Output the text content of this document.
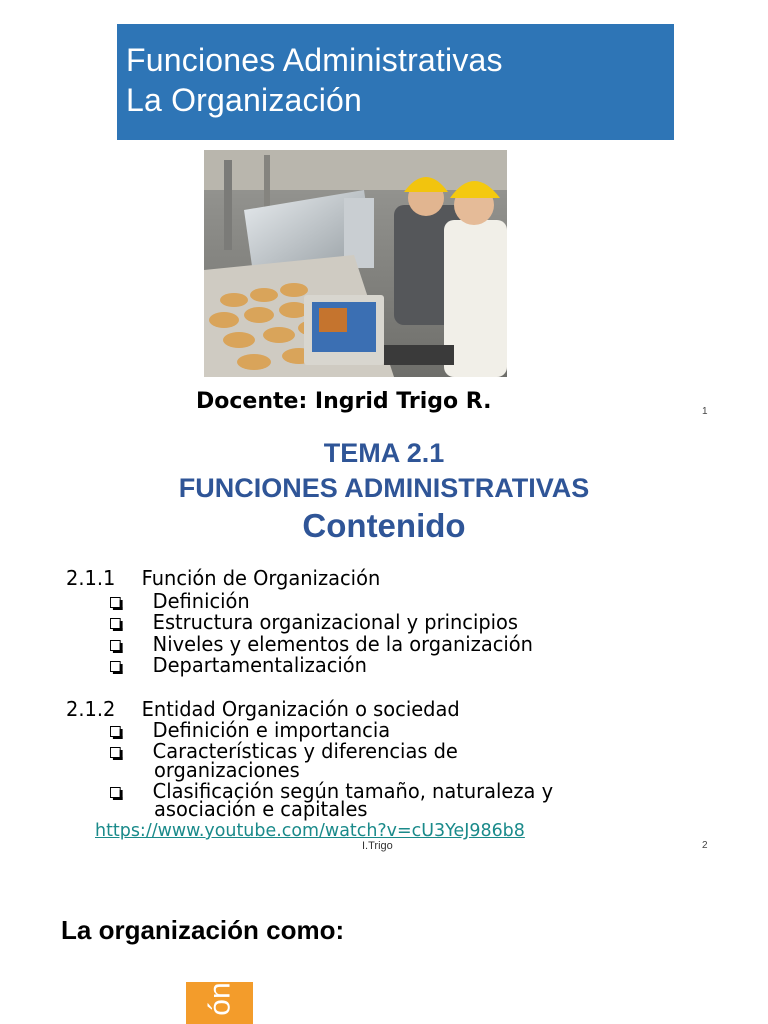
Funciones Administrativas
La Organización
Docente: Ingrid Trigo R.	1
TEMA 2.1
FUNCIONES ADMINISTRATIVAS
Contenido
2.1.1 Función de Organización
Definición
Estructura organizacional y principios
Niveles y elementos de la organización
Departamentalización
2.1.2 Entidad Organización o sociedad
Definición e importancia
Características y diferencias de
organizaciones
Clasificación según tamaño, naturaleza y
asociación e capitales
https://www.youtube.com/watch?v=cU3YeJ986b8
I.Trigo	2
La organización como:
ón
